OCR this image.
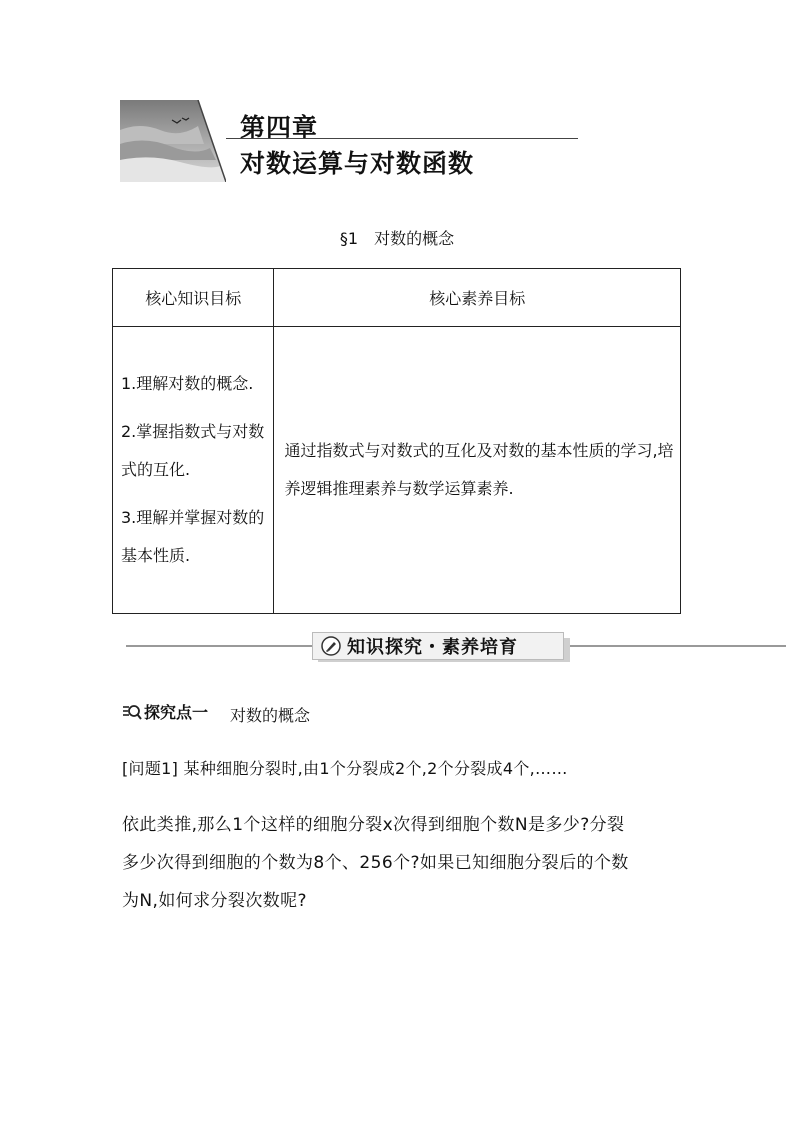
第四章
对数运算与对数函数
§1 对数的概念
核心知识目标	核心素养目标

1.理解对数的概念.

2.掌握指数式与对数式的互化.

3.理解并掌握对数的基本性质.	通过指数式与对数式的互化及对数的基本性质的学习,培养逻辑推理素养与数学运算素养.
知识探究・素养培育
探究点一 对数的概念
[问题1] 某种细胞分裂时,由1个分裂成2个,2个分裂成4个,……
依此类推,那么1个这样的细胞分裂x次得到细胞个数N是多少?分裂
多少次得到细胞的个数为8个、256个?如果已知细胞分裂后的个数
为N,如何求分裂次数呢?
